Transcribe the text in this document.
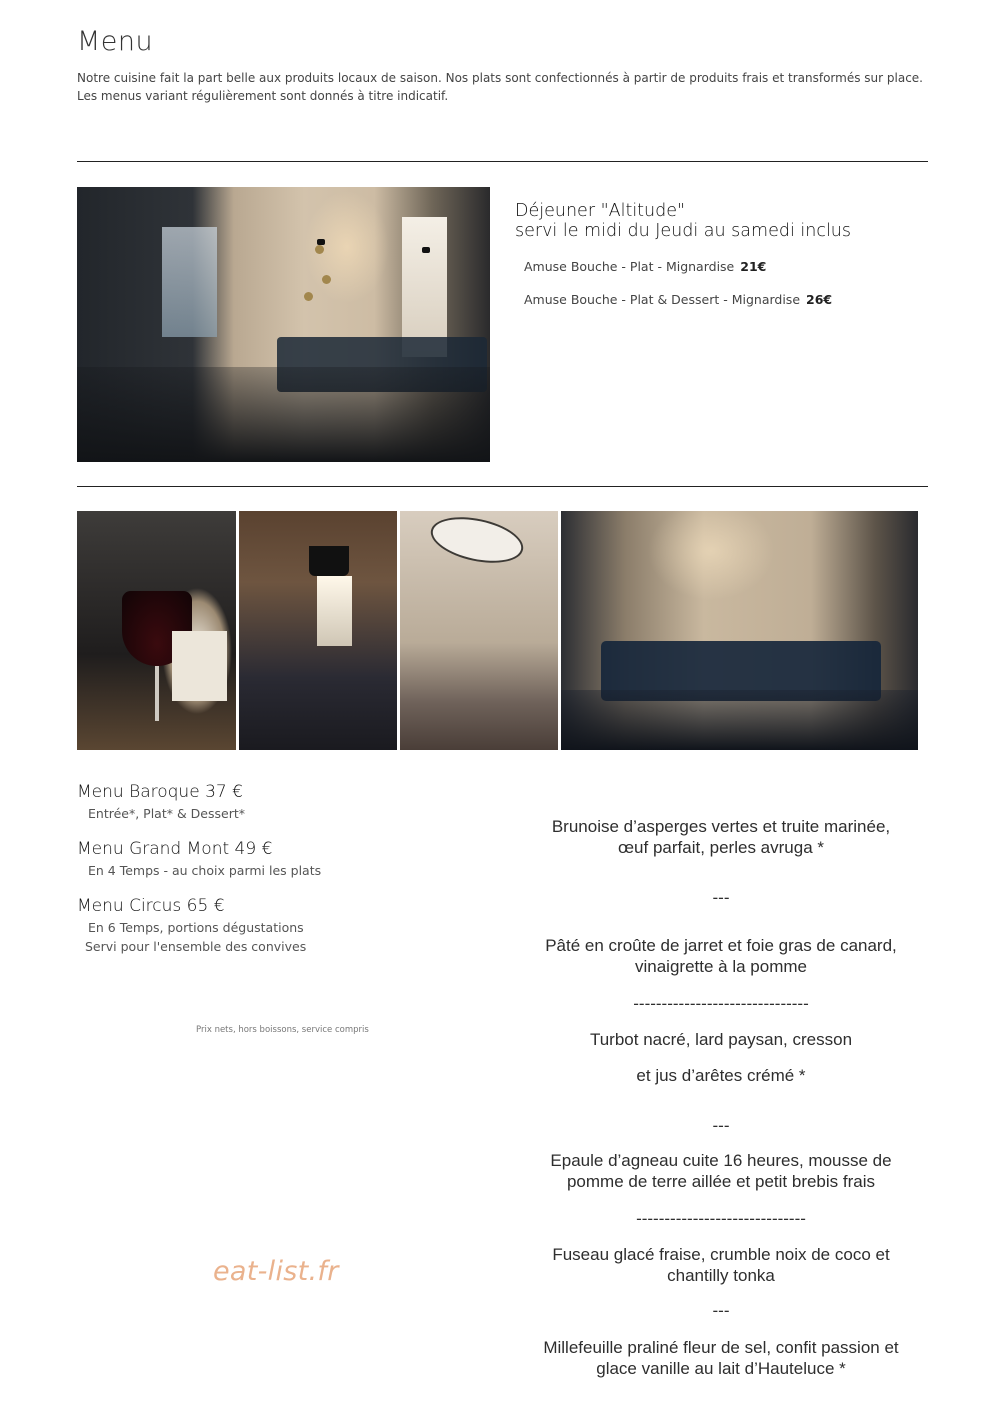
Menu
Notre cuisine fait la part belle aux produits locaux de saison. Nos plats sont confectionnés à partir de produits frais et transformés sur place.
Les menus variant régulièrement sont donnés à titre indicatif.
Déjeuner "Altitude"
servi le midi du Jeudi au samedi inclus
Amuse Bouche - Plat - Mignardise 21€
Amuse Bouche - Plat & Dessert - Mignardise 26€
Menu Baroque 37 €
Entrée*, Plat* & Dessert*
Menu Grand Mont 49 €
En 4 Temps - au choix parmi les plats
Menu Circus 65 €
En 6 Temps, portions dégustations
Servi pour l'ensemble des convives
Prix nets, hors boissons, service compris
eat-list.fr
Brunoise d’asperges vertes et truite marinée,
œuf parfait, perles avruga *
---
Pâté en croûte de jarret et foie gras de canard,
vinaigrette à la pomme
-------------------------------
Turbot nacré, lard paysan, cresson
et jus d’arêtes crémé *
---
Epaule d’agneau cuite 16 heures, mousse de
pomme de terre aillée et petit brebis frais
------------------------------
Fuseau glacé fraise, crumble noix de coco et
chantilly tonka
---
Millefeuille praliné fleur de sel, confit passion et
glace vanille au lait d’Hauteluce *
